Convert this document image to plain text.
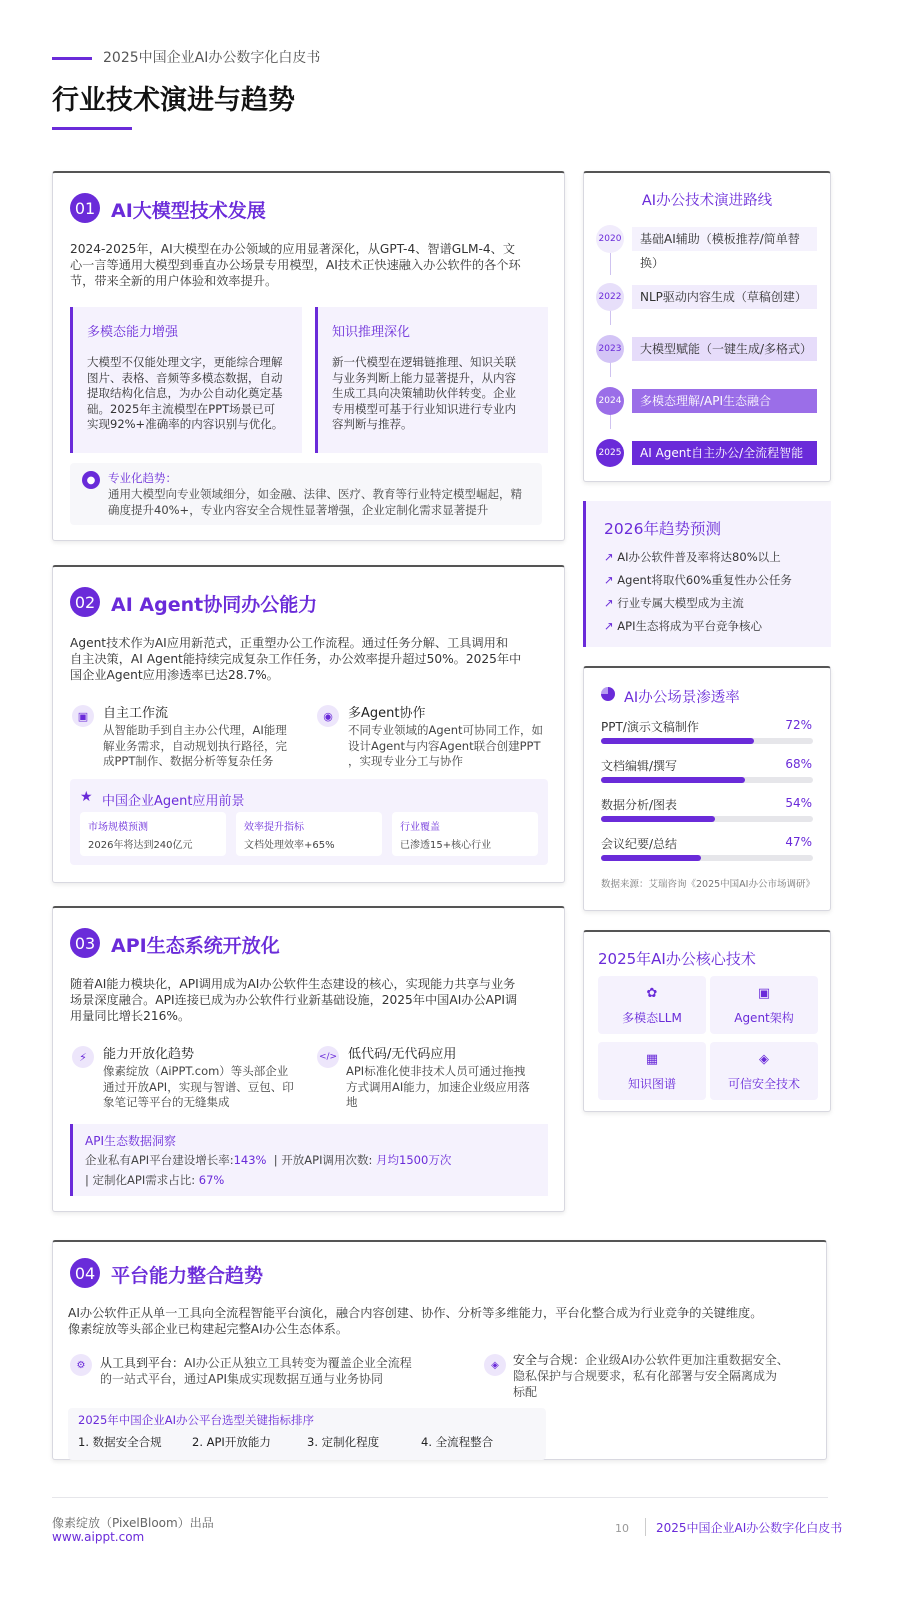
2025中国企业AI办公数字化白皮书
行业技术演进与趋势
01 AI大模型技术发展
2024-2025年，AI大模型在办公领域的应用显著深化，从GPT-4、智谱GLM-4、文
心一言等通用大模型到垂直办公场景专用模型，AI技术正快速融入办公软件的各个环
节，带来全新的用户体验和效率提升。
多模态能力增强
大模型不仅能处理文字，更能综合理解
图片、表格、音频等多模态数据，自动
提取结构化信息，为办公自动化奠定基
础。2025年主流模型在PPT场景已可
实现92%+准确率的内容识别与优化。
知识推理深化
新一代模型在逻辑链推理、知识关联
与业务判断上能力显著提升，从内容
生成工具向决策辅助伙伴转变。企业
专用模型可基于行业知识进行专业内
容判断与推荐。
●	专业化趋势：
通用大模型向专业领域细分，如金融、法律、医疗、教育等行业特定模型崛起，精
确度提升40%+，专业内容安全合规性显著增强，企业定制化需求显著提升
02 AI Agent协同办公能力
Agent技术作为AI应用新范式，正重塑办公工作流程。通过任务分解、工具调用和
自主决策，AI Agent能持续完成复杂工作任务，办公效率提升超过50%。2025年中
国企业Agent应用渗透率已达28.7%。
▣	自主工作流
从智能助手到自主办公代理，AI能理
解业务需求，自动规划执行路径，完
成PPT制作、数据分析等复杂任务
◉	多Agent协作
不同专业领域的Agent可协同工作，如
设计Agent与内容Agent联合创建PPT
，实现专业分工与协作
★ 中国企业Agent应用前景
市场规模预测
2026年将达到240亿元
效率提升指标
文档处理效率+65%
行业覆盖
已渗透15+核心行业
03 API生态系统开放化
随着AI能力模块化，API调用成为AI办公软件生态建设的核心，实现能力共享与业务
场景深度融合。API连接已成为办公软件行业新基础设施，2025年中国AI办公API调
用量同比增长216%。
⚡	能力开放化趋势
像素绽放（AiPPT.com）等头部企业
通过开放API，实现与智谱、豆包、印
象笔记等平台的无缝集成
</> 低代码/无代码应用
API标准化使非技术人员可通过拖拽
方式调用AI能力，加速企业级应用落
地
API生态数据洞察
企业私有API平台建设增长率:143% | 开放API调用次数: 月均1500万次
| 定制化API需求占比: 67%
04 平台能力整合趋势
AI办公软件正从单一工具向全流程智能平台演化，融合内容创建、协作、分析等多维能力，平台化整合成为行业竞争的关键维度。
像素绽放等头部企业已构建起完整AI办公生态体系。
⚙	从工具到平台：AI办公正从独立工具转变为覆盖企业全流程
的一站式平台，通过API集成实现数据互通与业务协同
◈	安全与合规：企业级AI办公软件更加注重数据安全、
隐私保护与合规要求，私有化部署与安全隔离成为
标配
2025年中国企业AI办公平台选型关键指标排序
1. 数据安全合规	2. API开放能力	3. 定制化程度	4. 全流程整合
AI办公技术演进路线
2020	基础AI辅助（模板推荐/简单替换）
2022	NLP驱动内容生成（草稿创建）
2023	大模型赋能（一键生成/多格式）
2024	多模态理解/API生态融合
2025	AI Agent自主办公/全流程智能
2026年趋势预测
↗ AI办公软件普及率将达80%以上
↗ Agent将取代60%重复性办公任务
↗ 行业专属大模型成为主流
↗ API生态将成为平台竞争核心
AI办公场景渗透率
PPT/演示文稿制作	72%
文档编辑/撰写	68%
数据分析/图表	54%
会议纪要/总结	47%
数据来源：艾瑞咨询《2025中国AI办公市场调研》
2025年AI办公核心技术
✿
多模态LLM
▣
Agent架构
▦
知识图谱
◈
可信安全技术
像素绽放（PixelBloom）出品
www.aippt.com
10 2025中国企业AI办公数字化白皮书
